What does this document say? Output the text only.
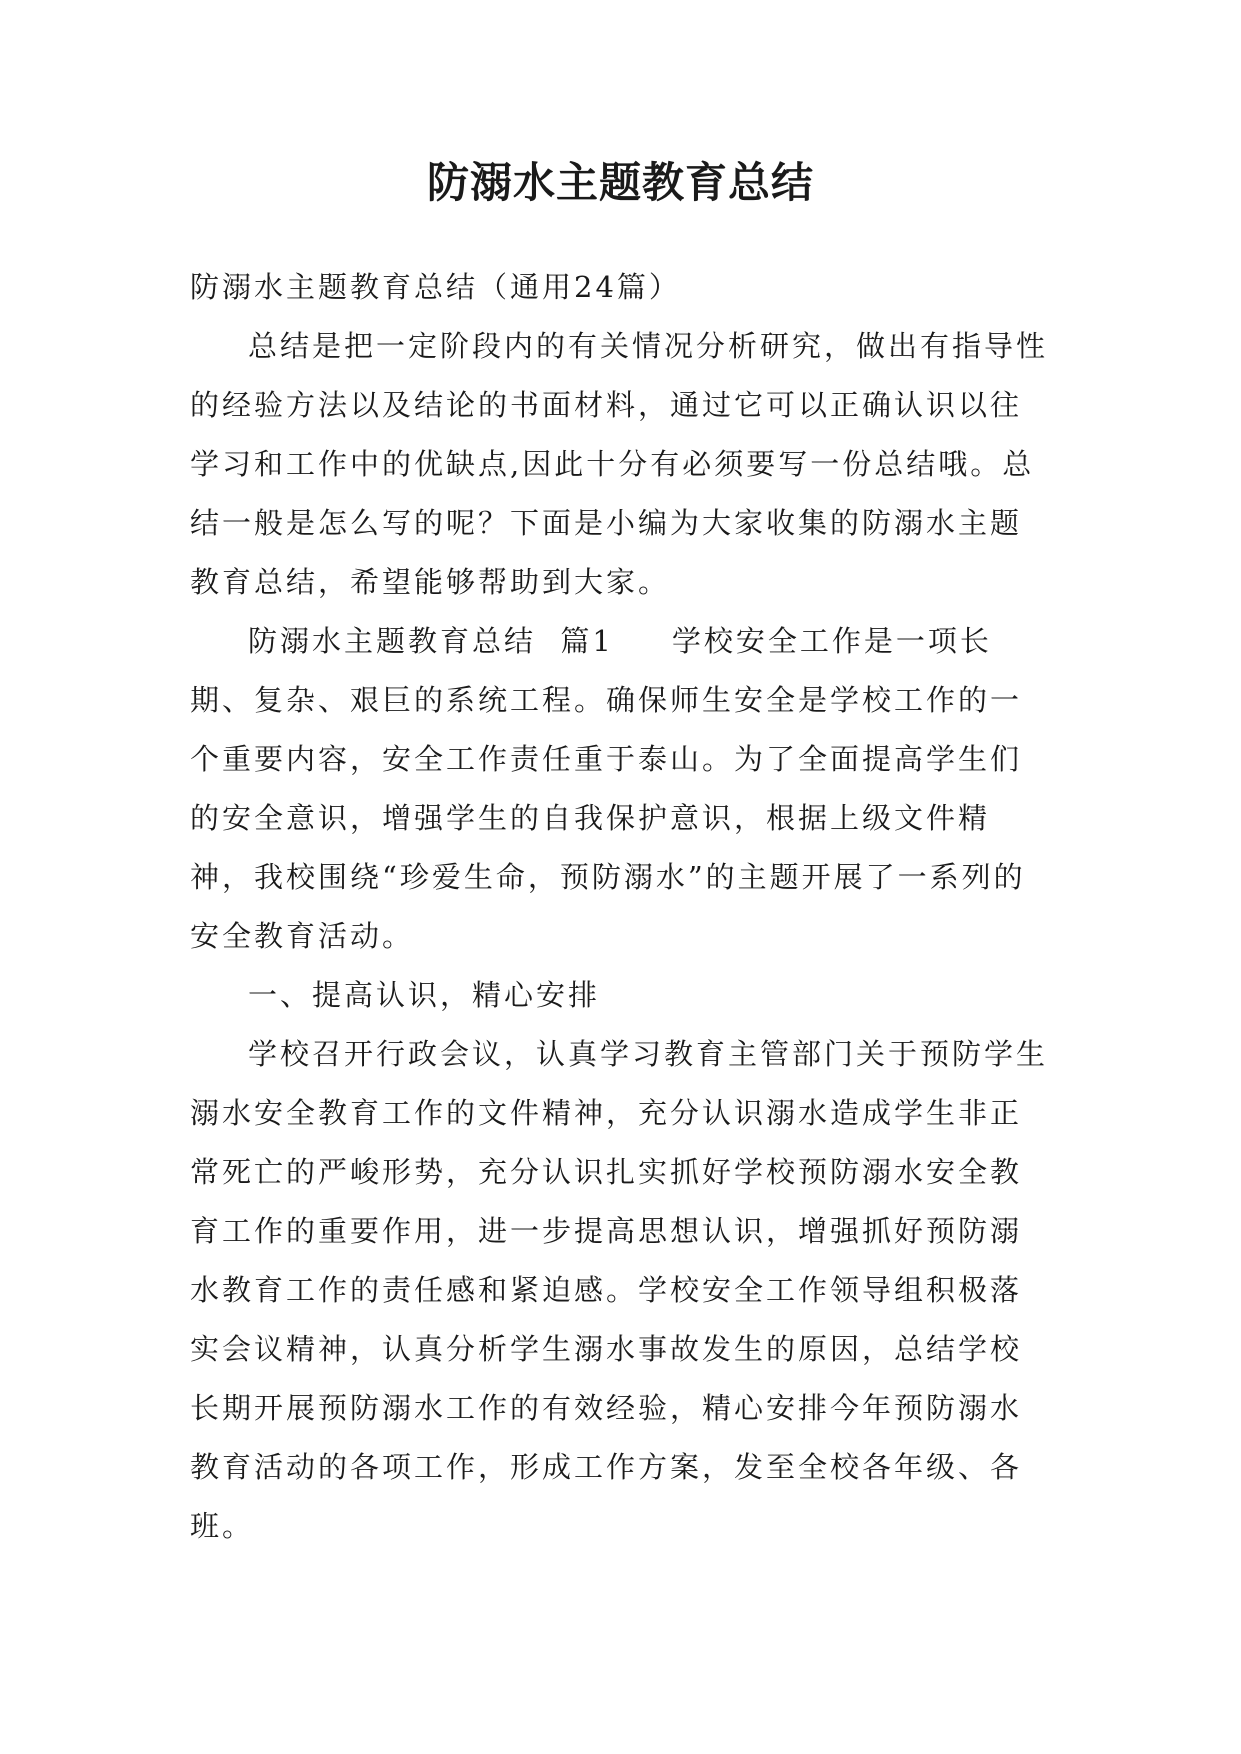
防溺水主题教育总结

防溺水主题教育总结（通用24篇）

总结是把一定阶段内的有关情况分析研究，做出有指导性的经验方法以及结论的书面材料，通过它可以正确认识以往学习和工作中的优缺点,因此十分有必须要写一份总结哦。总结一般是怎么写的呢？下面是小编为大家收集的防溺水主题教育总结，希望能够帮助到大家。

防溺水主题教育总结  篇1 学校安全工作是一项长期、复杂、艰巨的系统工程。确保师生安全是学校工作的一个重要内容，安全工作责任重于泰山。为了全面提高学生们的安全意识，增强学生的自我保护意识，根据上级文件精神，我校围绕“珍爱生命，预防溺水”的主题开展了一系列的安全教育活动。

一、提高认识，精心安排

学校召开行政会议，认真学习教育主管部门关于预防学生溺水安全教育工作的文件精神，充分认识溺水造成学生非正常死亡的严峻形势，充分认识扎实抓好学校预防溺水安全教育工作的重要作用，进一步提高思想认识，增强抓好预防溺水教育工作的责任感和紧迫感。学校安全工作领导组积极落实会议精神，认真分析学生溺水事故发生的原因，总结学校长期开展预防溺水工作的有效经验，精心安排今年预防溺水教育活动的各项工作，形成工作方案，发至全校各年级、各班。
